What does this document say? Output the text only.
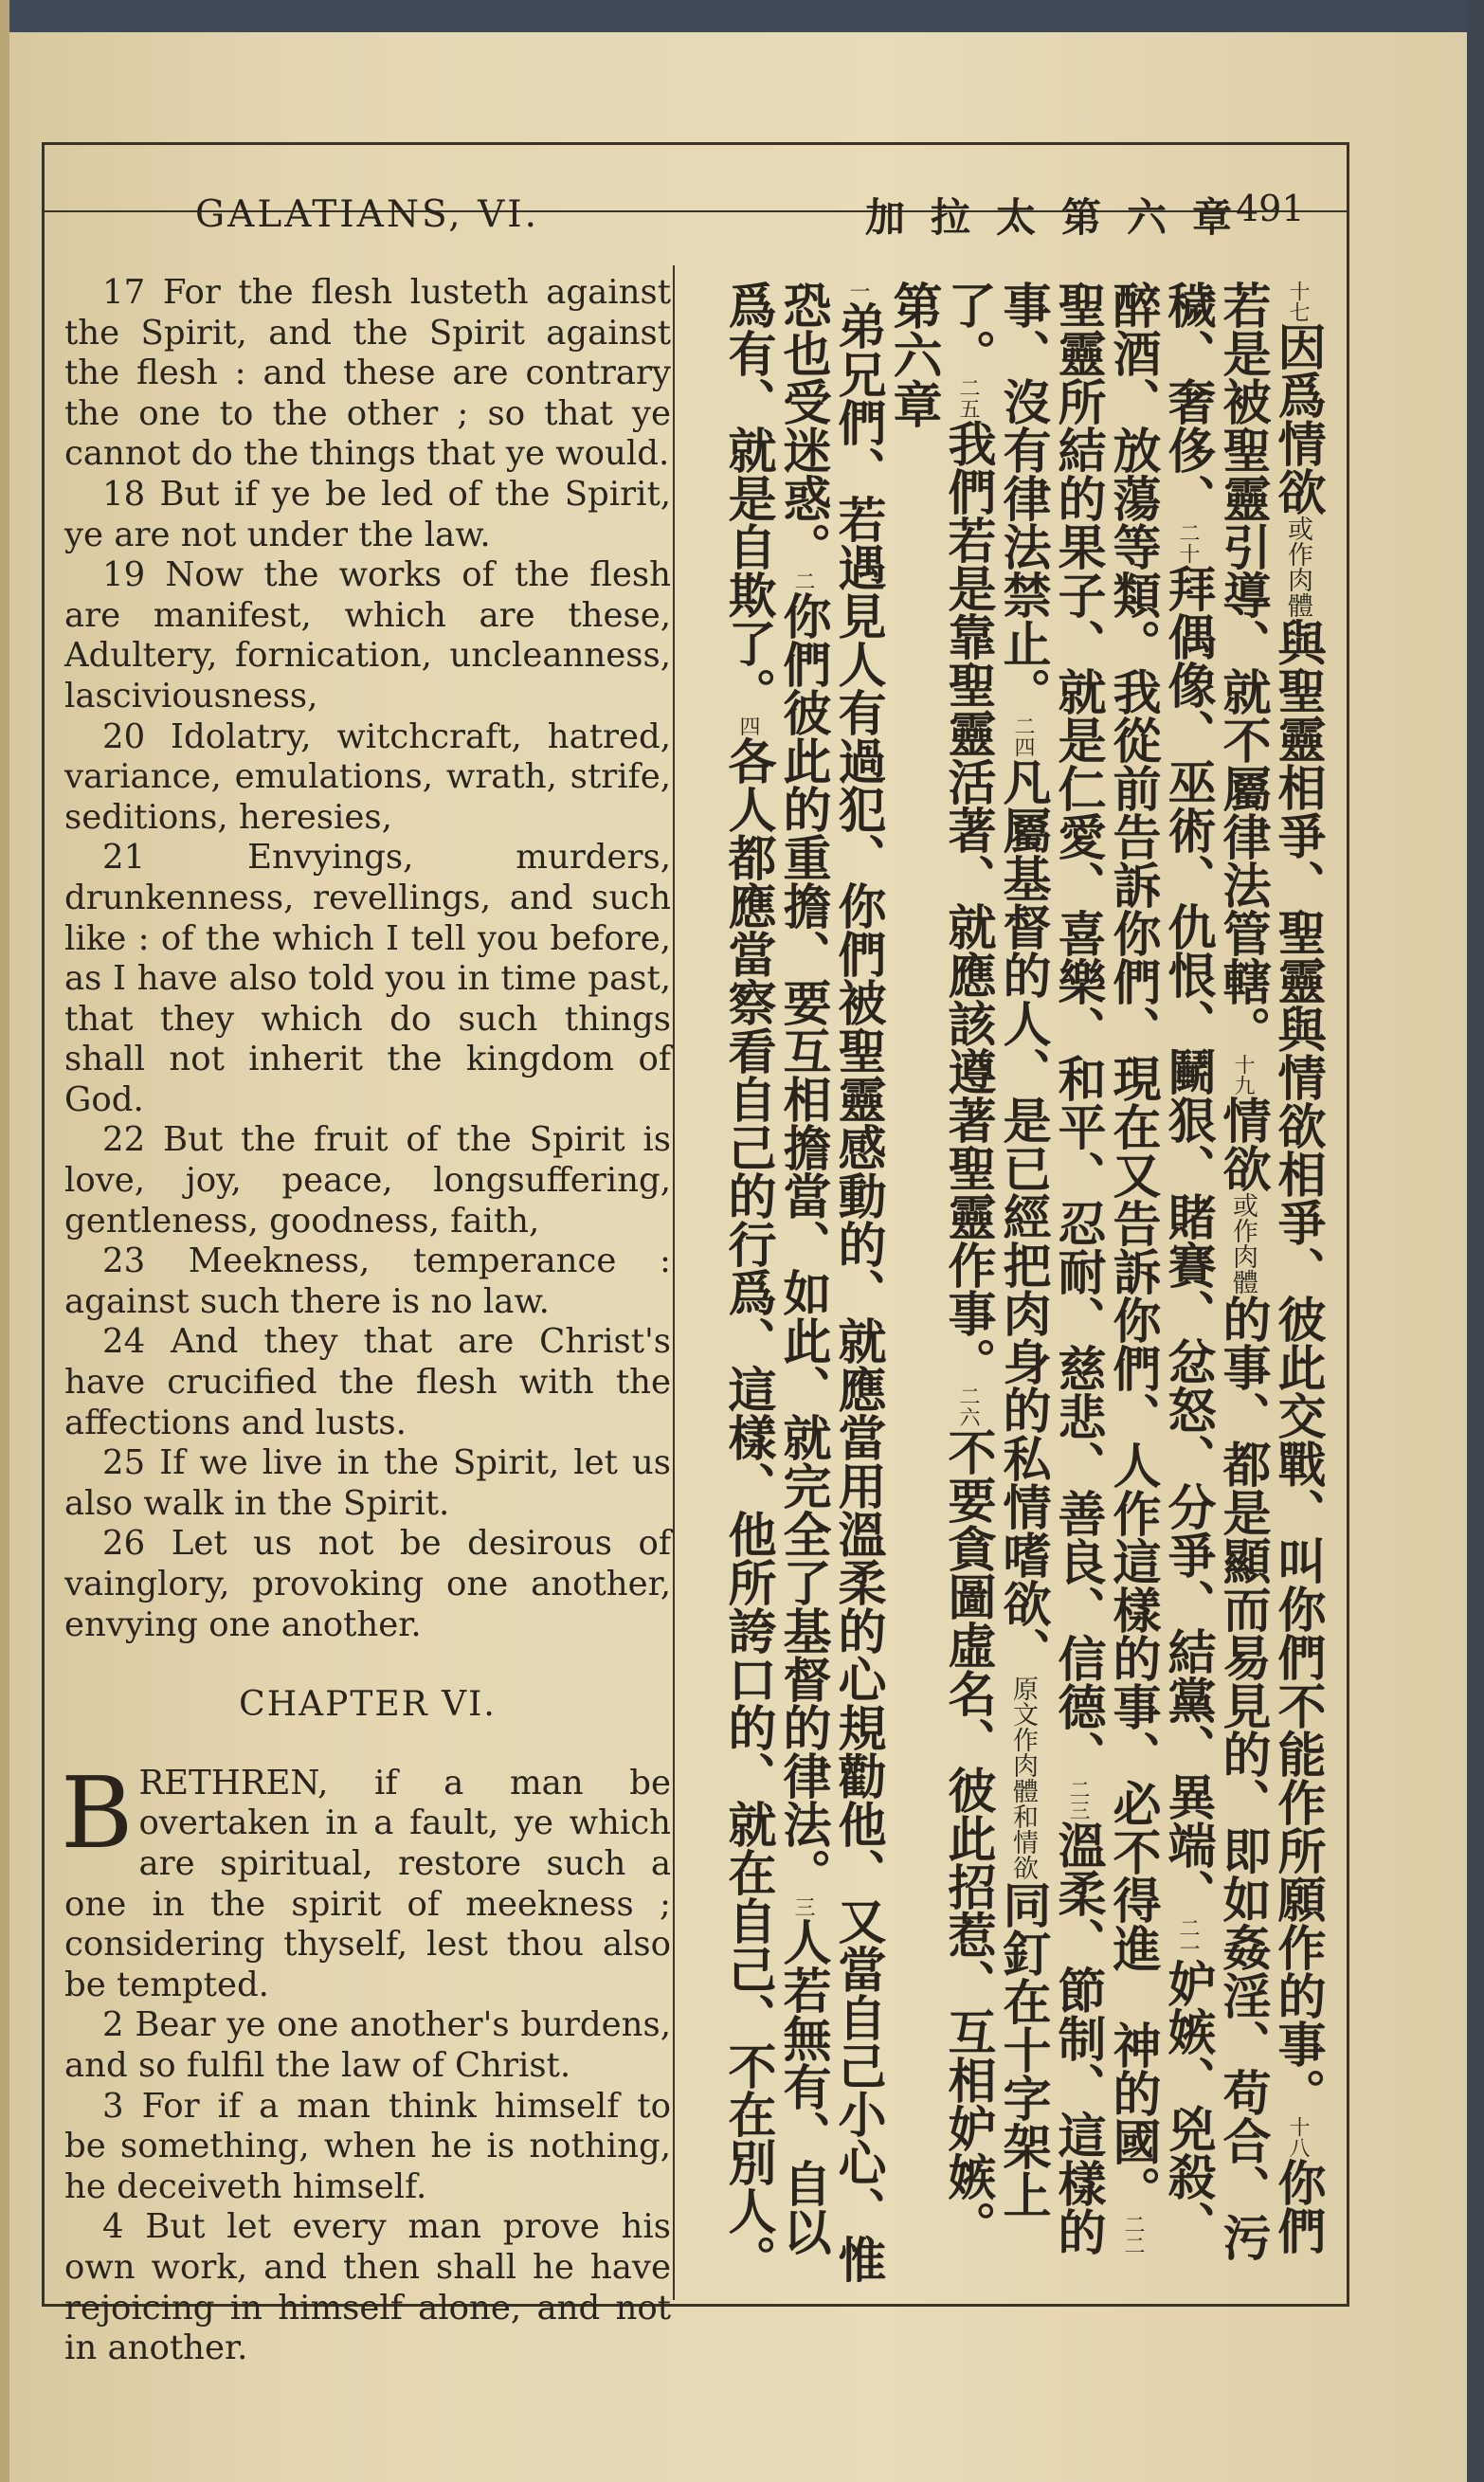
GALATIANS, VI.	加拉太第六章
491

17 For the flesh lusteth against the Spirit, and the Spirit against the flesh : and these are contrary the one to the other ; so that ye cannot do the things that ye would.

18 But if ye be led of the Spirit, ye are not under the law.

19 Now the works of the flesh are manifest, which are these, Adultery, fornication, uncleanness, lasciviousness,

20 Idolatry, witchcraft, hatred, variance, emulations, wrath, strife, seditions, heresies,

21 Envyings, murders, drunkenness, revellings, and such like : of the which I tell you before, as I have also told you in time past, that they which do such things shall not inherit the kingdom of God.

22 But the fruit of the Spirit is love, joy, peace, longsuffering, gentleness, goodness, faith,

23 Meekness, temperance : against such there is no law.

24 And they that are Christ's have crucified the flesh with the affections and lusts.

25 If we live in the Spirit, let us also walk in the Spirit.

26 Let us not be desirous of vainglory, provoking one another, envying one another.

CHAPTER VI.

BRETHREN, if a man be overtaken in a fault, ye which are spiritual, restore such a one in the spirit of meekness ; considering thyself, lest thou also be tempted.

2 Bear ye one another's burdens, and so fulfil the law of Christ.

3 For if a man think himself to be something, when he is nothing, he deceiveth himself.

4 But let every man prove his own work, and then shall he have rejoicing in himself alone, and not in another.

$^{十七}$因爲情欲或作肉體與聖靈相爭、聖靈與情欲相爭、彼此交戰、叫你們不能作所願作的事。$^{十八}$你們若是被聖靈引導、就不屬律法管轄。$^{十九}$情欲或作肉體的事、都是顯而易見的、即如姦淫、苟合、污穢、奢侈、$^{二十}$拜偶像、巫術、仇恨、鬭狠、賭賽、忿怒、分爭、結黨、異端、$^{二一}$妒嫉、兇殺、醉酒、放蕩等類。我從前告訴你們、現在又告訴你們、人作這樣的事、必不得進　神的國。$^{二二}$聖靈所結的果子、就是仁愛、喜樂、和平、忍耐、慈悲、善良、信德、$^{二三}$溫柔、節制、這樣的事、沒有律法禁止。$^{二四}$凡屬基督的人、是已經把肉身的私情嗜欲、原文作肉體和情欲同釘在十字架上了。$^{二五}$我們若是靠聖靈活著、就應該遵著聖靈作事。$^{二六}$不要貪圖虛名、彼此招惹、互相妒嫉。

第六章

$^一$弟兄們、若遇見人有過犯、你們被聖靈感動的、就應當用溫柔的心規勸他、又當自己小心、惟恐也受迷惑。$^二$你們彼此的重擔、要互相擔當、如此、就完全了基督的律法。$^三$人若無有、自以爲有、就是自欺了。$^四$各人都應當察看自己的行爲、這樣、他所誇口的、就在自己、不在別人。
